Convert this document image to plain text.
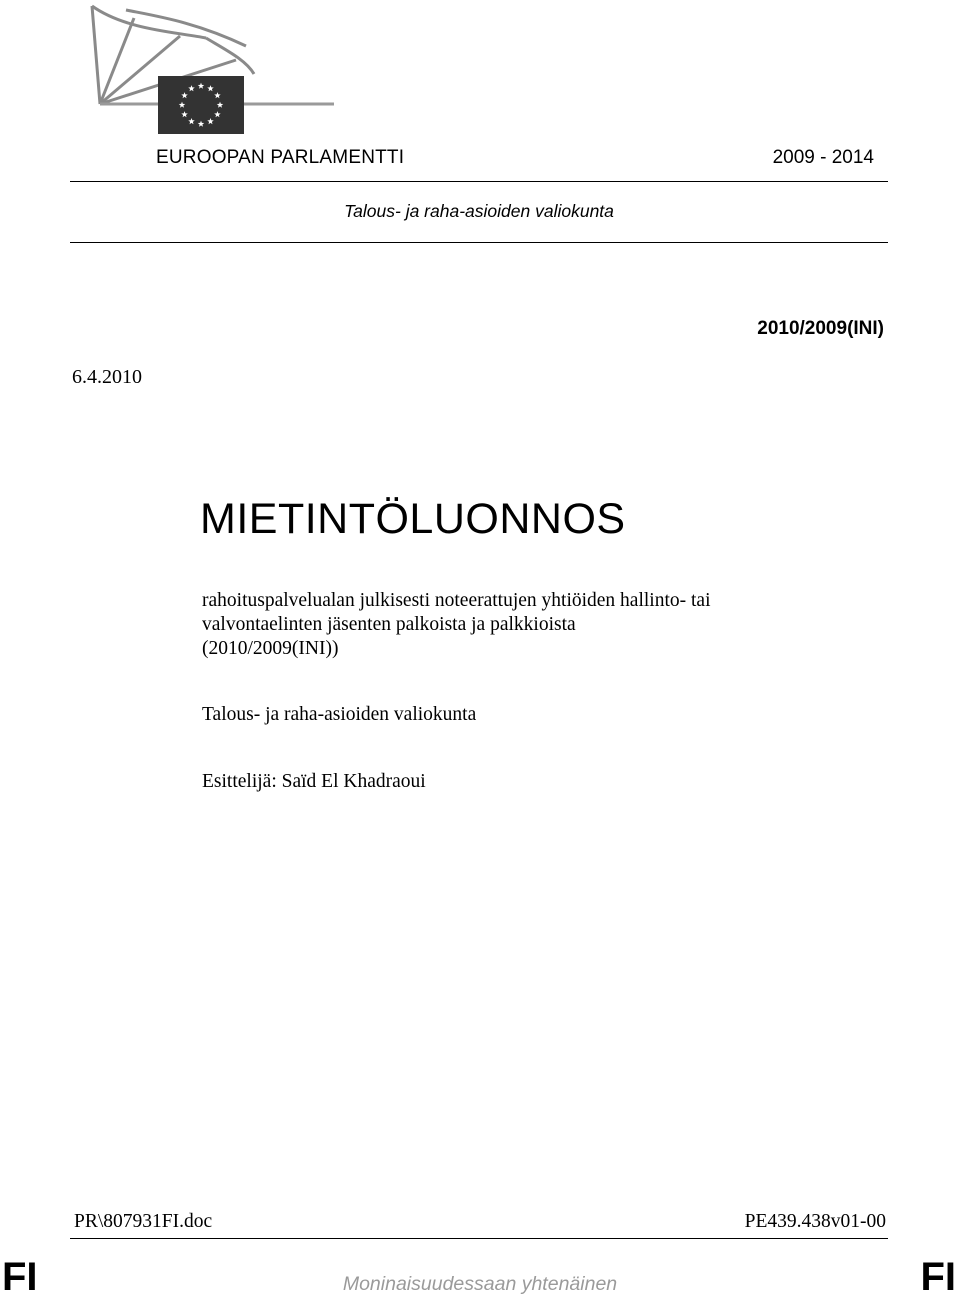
EUROOPAN PARLAMENTTI	2009 - 2014
Talous- ja raha-asioiden valiokunta
2010/2009(INI)
6.4.2010
MIETINTÖLUONNOS

rahoituspalvelualan julkisesti noteerattujen yhtiöiden hallinto- tai

valvontaelinten jäsenten palkoista ja palkkioista

(2010/2009(INI))

Talous- ja raha-asioiden valiokunta
Esittelijä: Saïd El Khadraoui
PR\807931FI.doc	PE439.438v01-00
FI	Moninaisuudessaan yhtenäinen	FI
